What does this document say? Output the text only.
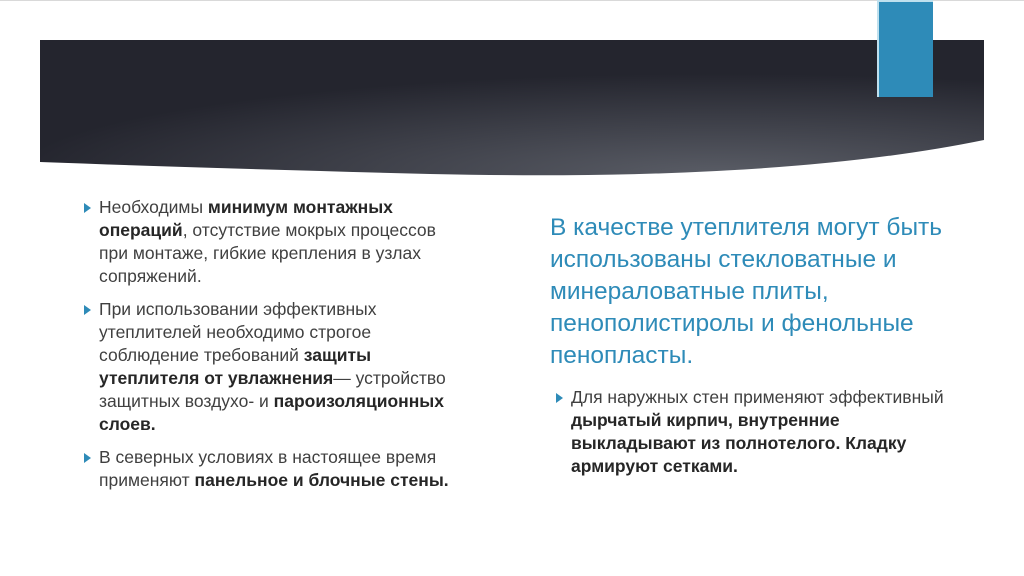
Необходимы минимум монтажных операций, отсутствие мокрых процессов при монтаже, гибкие крепления в узлах сопряжений.
При использовании эффективных утеплителей необходимо строгое соблюдение требований защиты утеплителя от увлажнения— устройство защитных воздухо- и пароизоляционных слоев.
В северных условиях в настоящее время применяют панельное и блочные стены.

В качестве утеплителя могут быть использованы стекловатные и минераловатные плиты, пенополистиролы и фенольные пенопласты.

Для наружных стен применяют эффективный дырчатый кирпич, внутренние выкладывают из полнотелого. Кладку армируют сетками.
